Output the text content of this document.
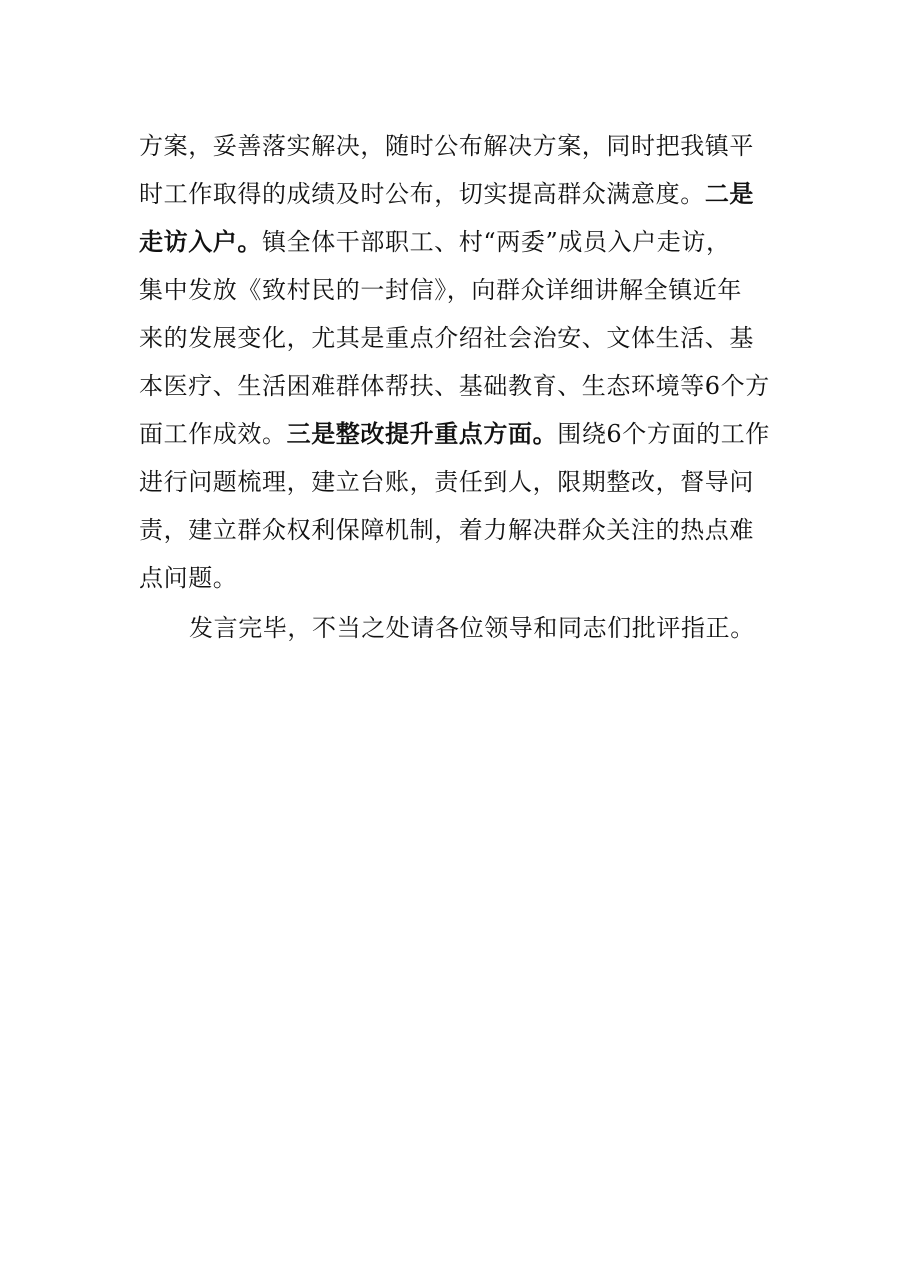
方案，妥善落实解决，随时公布解决方案，同时把我镇平
时工作取得的成绩及时公布，切实提高群众满意度。二是
走访入户。镇全体干部职工、村“两委”成员入户走访，
集中发放《致村民的一封信》，向群众详细讲解全镇近年
来的发展变化，尤其是重点介绍社会治安、文体生活、基
本医疗、生活困难群体帮扶、基础教育、生态环境等6个方
面工作成效。三是整改提升重点方面。围绕6个方面的工作
进行问题梳理，建立台账，责任到人，限期整改，督导问
责，建立群众权利保障机制，着力解决群众关注的热点难
点问题。
发言完毕，不当之处请各位领导和同志们批评指正。
